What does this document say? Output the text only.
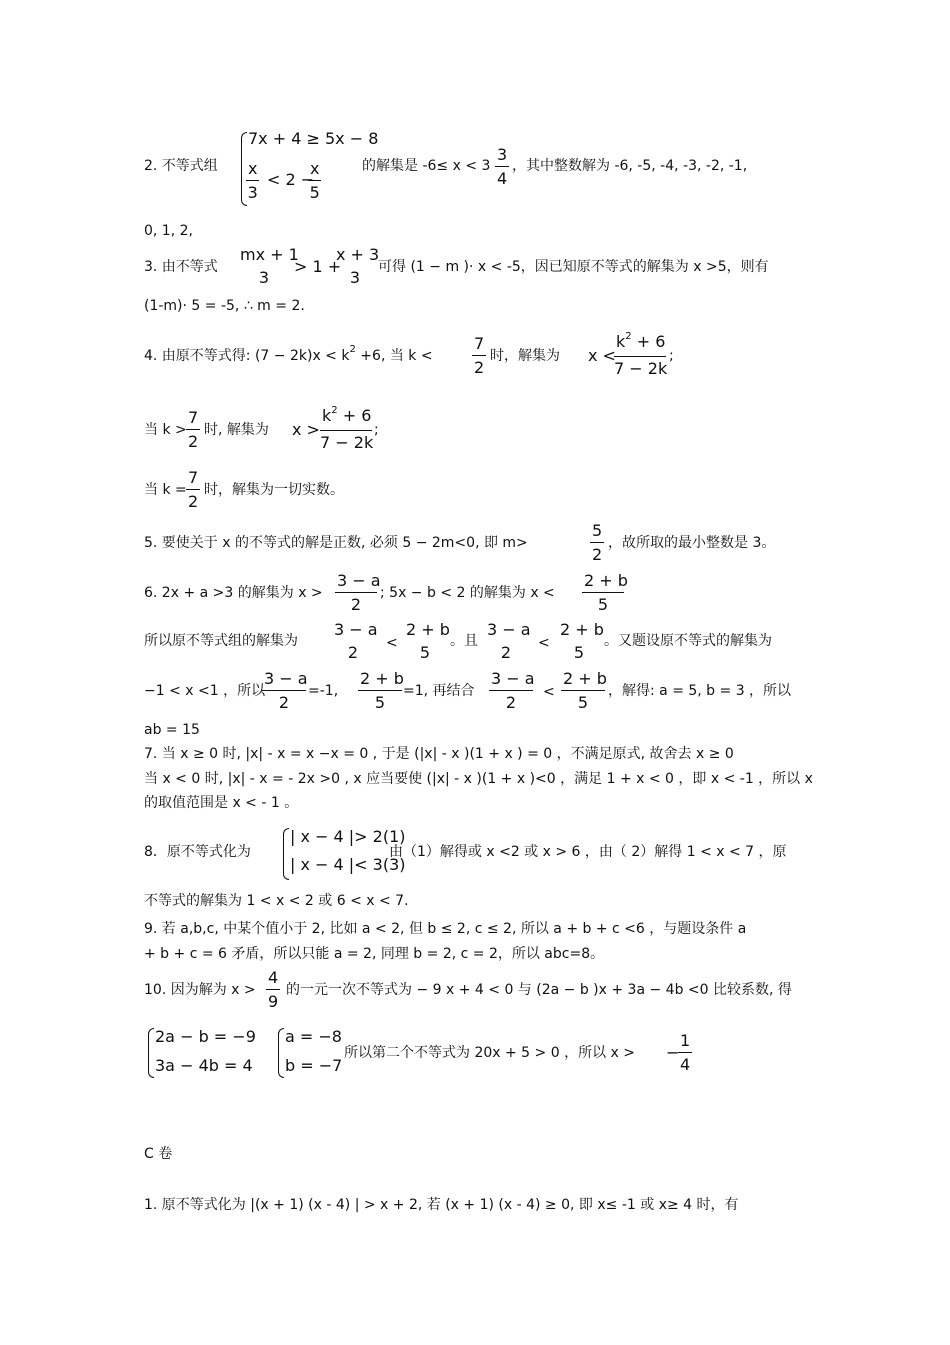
2. 不等式组
7x + 4 ≥ 5x − 8
x
3
< 2 −
x
5
的解集是 -6≤ x < 3
3
4
，其中整数解为 -6, -5, -4, -3, -2, -1,
0, 1, 2,
3. 由不等式
mx + 1
3
> 1 +
x + 3
3
可得 (1 − m )· x < -5，因已知原不等式的解集为 x >5，则有
(1-m)· 5 = -5, ∴ m = 2.
4. 由原不等式得: $(7 - 2k)x < k^2 +6$, 当 k <
7
2
时，解集为 x <
$k^2 + 6$
7 − 2k
;
当 k >
7
2
时, 解集为 x >
$k^2 + 6$
7 − 2k
;
当 k =
7
2
时，解集为一切实数。
5. 要使关于 x 的不等式的解是正数, 必须 5 − 2m<0, 即 m>
5
2
，故所取的最小整数是 3。
6. 2x + a >3 的解集为 x >
3 − a
2
; 5x − b < 2 的解集为 x <
2 + b
5
所以原不等式组的解集为
3 − a
2	<
2 + b
5
。且
3 − a
2	<
2 + b
5
。又题设原不等式的解集为
−1 < x <1 ，所以
3 − a
2
=-1,
2 + b
5
=1, 再结合
3 − a
2
<
2 + b
5
，解得: a = 5, b = 3 ，所以
ab = 15
7. 当 x ≥ 0 时, |x| - x = x −x = 0 , 于是 (|x| - x )(1 + x ) = 0 ，不满足原式, 故舍去 x ≥ 0
当 x < 0 时, |x| - x = - 2x >0 , x 应当要使 (|x| - x )(1 + x )<0 ，满足 1 + x < 0 ，即 x < -1 ，所以 x
的取值范围是 x < - 1 。
8．原不等式化为
| x − 4 |> 2(1)
| x − 4 |< 3(3)
由（1）解得或 x <2 或 x > 6 ，由（ 2）解得 1 < x < 7 ，原
不等式的解集为 1 < x < 2 或 6 < x < 7.
9. 若 a,b,c, 中某个值小于 2, 比如 a < 2, 但 b ≤ 2, c ≤ 2, 所以 a + b + c <6 ，与题设条件 a
+ b + c = 6 矛盾，所以只能 a = 2, 同理 b = 2, c = 2，所以 abc=8。
10. 因为解为 x >
4
9
的一元一次不等式为 − 9 x + 4 < 0 与 (2a − b )x + 3a − 4b <0 比较系数, 得
2a − b = −9
3a − 4b = 4
a = −8
b = −7
所以第二个不等式为 20x + 5 > 0 ，所以 x > −
1
4
C 卷
1. 原不等式化为 |(x + 1) (x - 4) | > x + 2, 若 (x + 1) (x - 4) ≥ 0, 即 x≤ -1 或 x≥ 4 时，有
